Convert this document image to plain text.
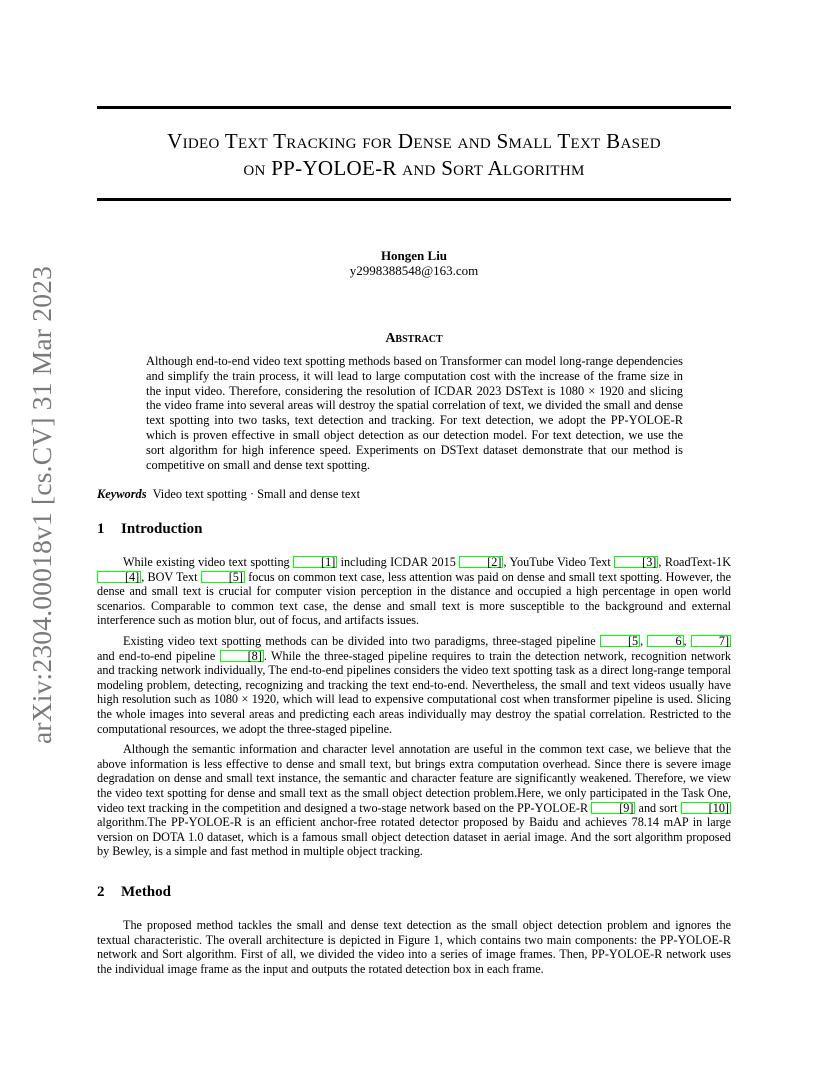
arXiv:2304.00018v1 [cs.CV] 31 Mar 2023
Video Text Tracking for Dense and Small Text Based
on PP-YOLOE-R and Sort Algorithm
Hongen Liu
y2998388548@163.com
Abstract
Although end-to-end video text spotting methods based on Transformer can model long-range dependencies and simplify the train process, it will lead to large computation cost with the increase of the frame size in the input video. Therefore, considering the resolution of ICDAR 2023 DSText is 1080 × 1920 and slicing the video frame into several areas will destroy the spatial correlation of text, we divided the small and dense text spotting into two tasks, text detection and tracking. For text detection, we adopt the PP-YOLOE-R which is proven effective in small object detection as our detection model. For text detection, we use the sort algorithm for high inference speed. Experiments on DSText dataset demonstrate that our method is competitive on small and dense text spotting.
Keywords Video text spotting · Small and dense text
1 Introduction

While existing video text spotting [1] including ICDAR 2015 [2] , YouTube Video Text [3] , RoadText-1K [4] , BOV Text [5] focus on common text case, less attention was paid on dense and small text spotting. However, the dense and small text is crucial for computer vision perception in the distance and occupied a high percentage in open world scenarios. Comparable to common text case, the dense and small text is more susceptible to the background and external interference such as motion blur, out of focus, and artifacts issues.

Existing video text spotting methods can be divided into two paradigms, three-staged pipeline [5 , 6 , 7] and end-to-end pipeline [8] . While the three-staged pipeline requires to train the detection network, recognition network and tracking network individually, The end-to-end pipelines considers the video text spotting task as a direct long-range temporal modeling problem, detecting, recognizing and tracking the text end-to-end. Nevertheless, the small and text videos usually have high resolution such as 1080 × 1920, which will lead to expensive computational cost when transformer pipeline is used. Slicing the whole images into several areas and predicting each areas individually may destroy the spatial correlation. Restricted to the computational resources, we adopt the three-staged pipeline.

Although the semantic information and character level annotation are useful in the common text case, we believe that the above information is less effective to dense and small text, but brings extra computation overhead. Since there is severe image degradation on dense and small text instance, the semantic and character feature are significantly weakened. Therefore, we view the video text spotting for dense and small text as the small object detection problem.Here, we only participated in the Task One, video text tracking in the competition and designed a two-stage network based on the PP-YOLOE-R [9] and sort [10] algorithm.The PP-YOLOE-R is an efficient anchor-free rotated detector proposed by Baidu and achieves 78.14 mAP in large version on DOTA 1.0 dataset, which is a famous small object detection dataset in aerial image. And the sort algorithm proposed by Bewley, is a simple and fast method in multiple object tracking.

2 Method

The proposed method tackles the small and dense text detection as the small object detection problem and ignores the textual characteristic. The overall architecture is depicted in Figure 1, which contains two main components: the PP-YOLOE-R network and Sort algorithm. First of all, we divided the video into a series of image frames. Then, PP-YOLOE-R network uses the individual image frame as the input and outputs the rotated detection box in each frame.
